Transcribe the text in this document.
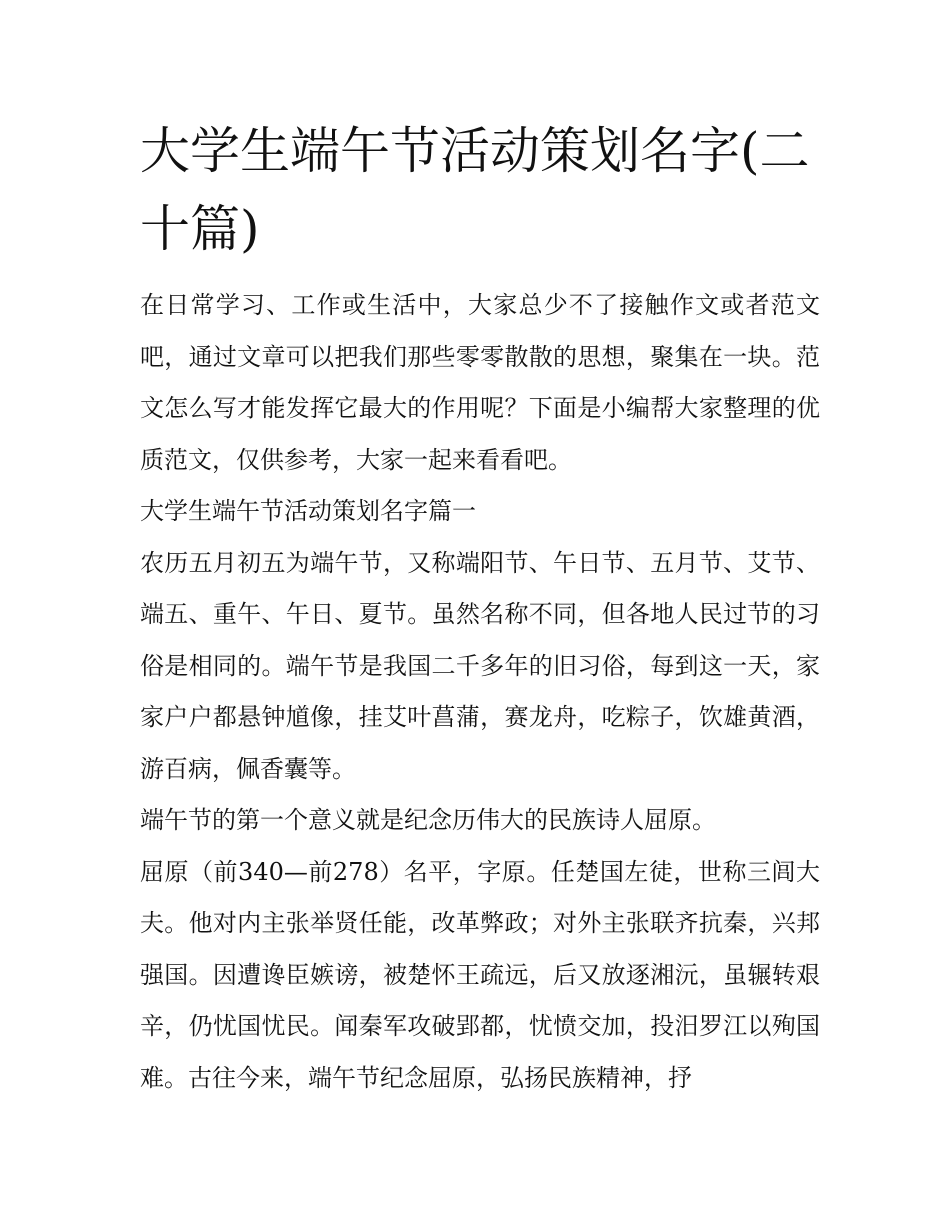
大学生端午节活动策划名字(二十篇)

在日常学习、工作或生活中，大家总少不了接触作文或者范文吧，通过文章可以把我们那些零零散散的思想，聚集在一块。范文怎么写才能发挥它最大的作用呢？下面是小编帮大家整理的优质范文，仅供参考，大家一起来看看吧。

大学生端午节活动策划名字篇一

农历五月初五为端午节，又称端阳节、午日节、五月节、艾节、端五、重午、午日、夏节。虽然名称不同，但各地人民过节的习俗是相同的。端午节是我国二千多年的旧习俗，每到这一天，家家户户都悬钟馗像，挂艾叶菖蒲，赛龙舟，吃粽子，饮雄黄酒，游百病，佩香囊等。

端午节的第一个意义就是纪念历伟大的民族诗人屈原。

屈原（前340—前278）名平，字原。任楚国左徒，世称三闾大夫。他对内主张举贤任能，改革弊政；对外主张联齐抗秦，兴邦强国。因遭谗臣嫉谤，被楚怀王疏远，后又放逐湘沅，虽辗转艰辛，仍忧国忧民。闻秦军攻破郢都，忧愤交加，投汨罗江以殉国难。古往今来，端午节纪念屈原，弘扬民族精神，抒
